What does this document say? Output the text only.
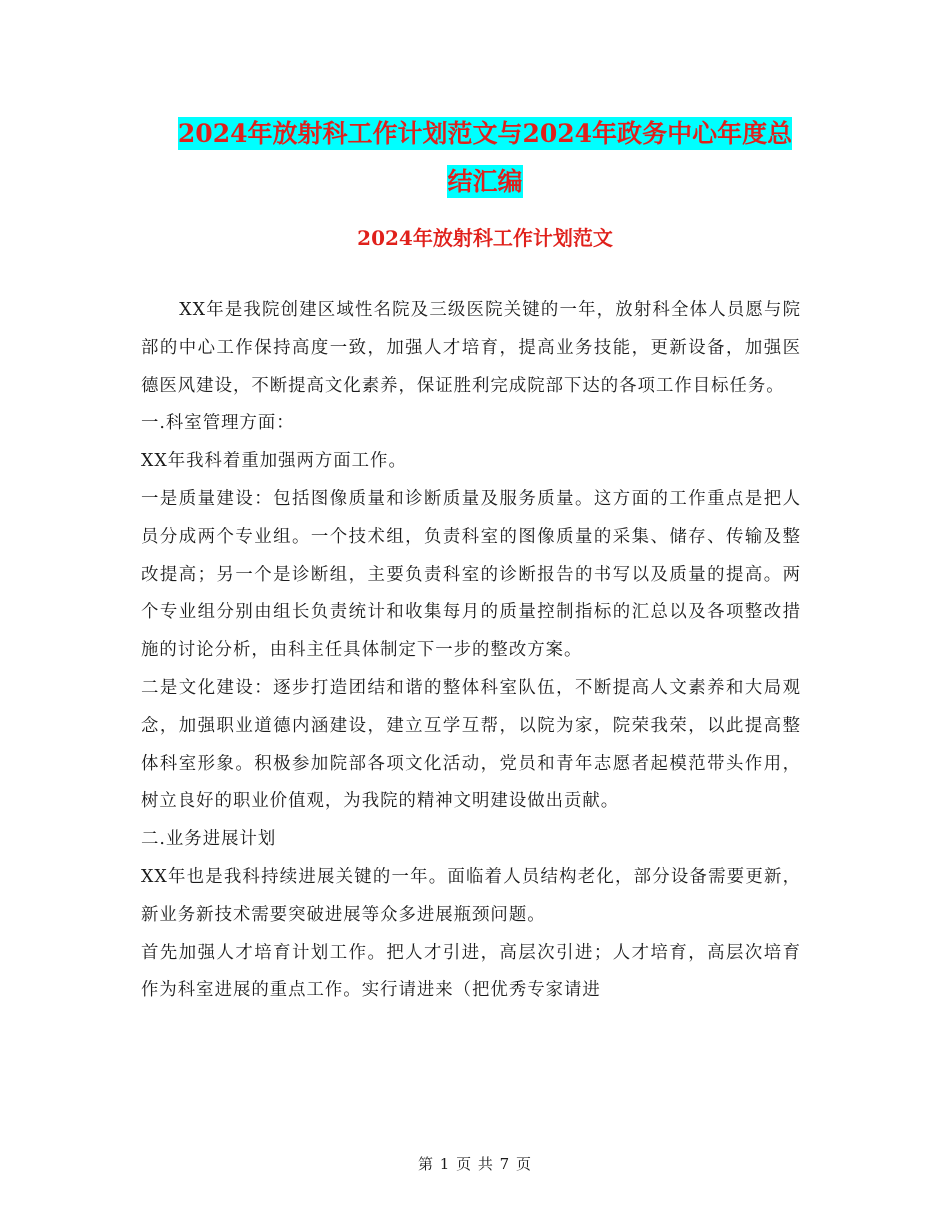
2024年放射科工作计划范文与2024年政务中心年度总
结汇编
2024年放射科工作计划范文

XX年是我院创建区域性名院及三级医院关键的一年，放射科全体人员愿与院部的中心工作保持高度一致，加强人才培育，提高业务技能，更新设备，加强医德医风建设，不断提高文化素养，保证胜利完成院部下达的各项工作目标任务。

一.科室管理方面：

XX年我科着重加强两方面工作。

一是质量建设：包括图像质量和诊断质量及服务质量。这方面的工作重点是把人员分成两个专业组。一个技术组，负责科室的图像质量的采集、储存、传输及整改提高；另一个是诊断组，主要负责科室的诊断报告的书写以及质量的提高。两个专业组分别由组长负责统计和收集每月的质量控制指标的汇总以及各项整改措施的讨论分析，由科主任具体制定下一步的整改方案。

二是文化建设：逐步打造团结和谐的整体科室队伍，不断提高人文素养和大局观念，加强职业道德内涵建设，建立互学互帮，以院为家，院荣我荣，以此提高整体科室形象。积极参加院部各项文化活动，党员和青年志愿者起模范带头作用，树立良好的职业价值观，为我院的精神文明建设做出贡献。

二.业务进展计划

XX年也是我科持续进展关键的一年。面临着人员结构老化，部分设备需要更新，新业务新技术需要突破进展等众多进展瓶颈问题。

首先加强人才培育计划工作。把人才引进，高层次引进；人才培育，高层次培育作为科室进展的重点工作。实行请进来（把优秀专家请进

第 1 页 共 7 页
